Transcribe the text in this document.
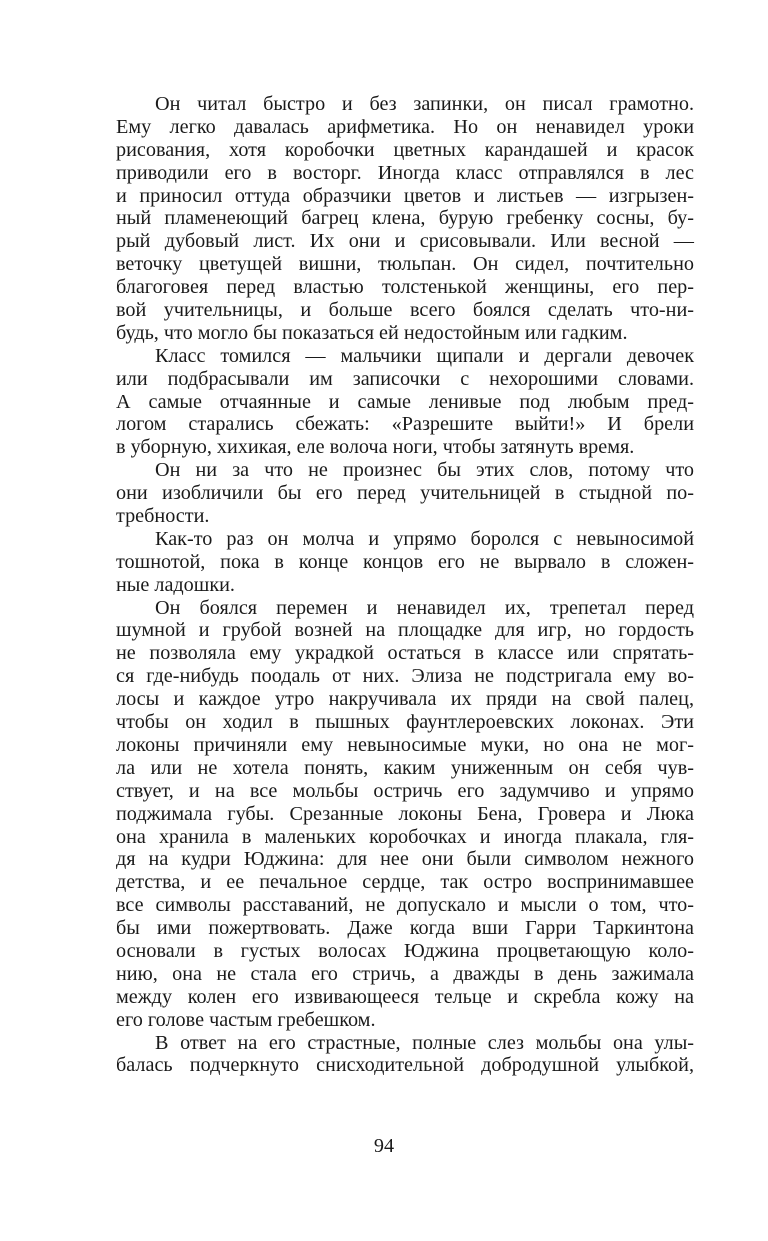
Он читал быстро и без запинки, он писал грамотно.
Ему легко давалась арифметика. Но он ненавидел уроки
рисования, хотя коробочки цветных карандашей и красок
приводили его в восторг. Иногда класс отправлялся в лес
и приносил оттуда образчики цветов и листьев — изгрызен-
ный пламенеющий багрец клена, бурую гребенку сосны, бу-
рый дубовый лист. Их они и срисовывали. Или весной —
веточку цветущей вишни, тюльпан. Он сидел, почтительно
благоговея перед властью толстенькой женщины, его пер-
вой учительницы, и больше всего боялся сделать что-ни-
будь, что могло бы показаться ей недостойным или гадким.
Класс томился — мальчики щипали и дергали девочек
или подбрасывали им записочки с нехорошими словами.
А самые отчаянные и самые ленивые под любым пред-
логом старались сбежать: «Разрешите выйти!» И брели
в уборную, хихикая, еле волоча ноги, чтобы затянуть время.
Он ни за что не произнес бы этих слов, потому что
они изобличили бы его перед учительницей в стыдной по-
требности.
Как-то раз он молча и упрямо боролся с невыносимой
тошнотой, пока в конце концов его не вырвало в сложен-
ные ладошки.
Он боялся перемен и ненавидел их, трепетал перед
шумной и грубой возней на площадке для игр, но гордость
не позволяла ему украдкой остаться в классе или спрятать-
ся где-нибудь поодаль от них. Элиза не подстригала ему во-
лосы и каждое утро накручивала их пряди на свой палец,
чтобы он ходил в пышных фаунтлероевских локонах. Эти
локоны причиняли ему невыносимые муки, но она не мог-
ла или не хотела понять, каким униженным он себя чув-
ствует, и на все мольбы остричь его задумчиво и упрямо
поджимала губы. Срезанные локоны Бена, Гровера и Люка
она хранила в маленьких коробочках и иногда плакала, гля-
дя на кудри Юджина: для нее они были символом нежного
детства, и ее печальное сердце, так остро воспринимавшее
все символы расставаний, не допускало и мысли о том, что-
бы ими пожертвовать. Даже когда вши Гарри Таркинтона
основали в густых волосах Юджина процветающую коло-
нию, она не стала его стричь, а дважды в день зажимала
между колен его извивающееся тельце и скребла кожу на
его голове частым гребешком.
В ответ на его страстные, полные слез мольбы она улы-
балась подчеркнуто снисходительной добродушной улыбкой,
94
